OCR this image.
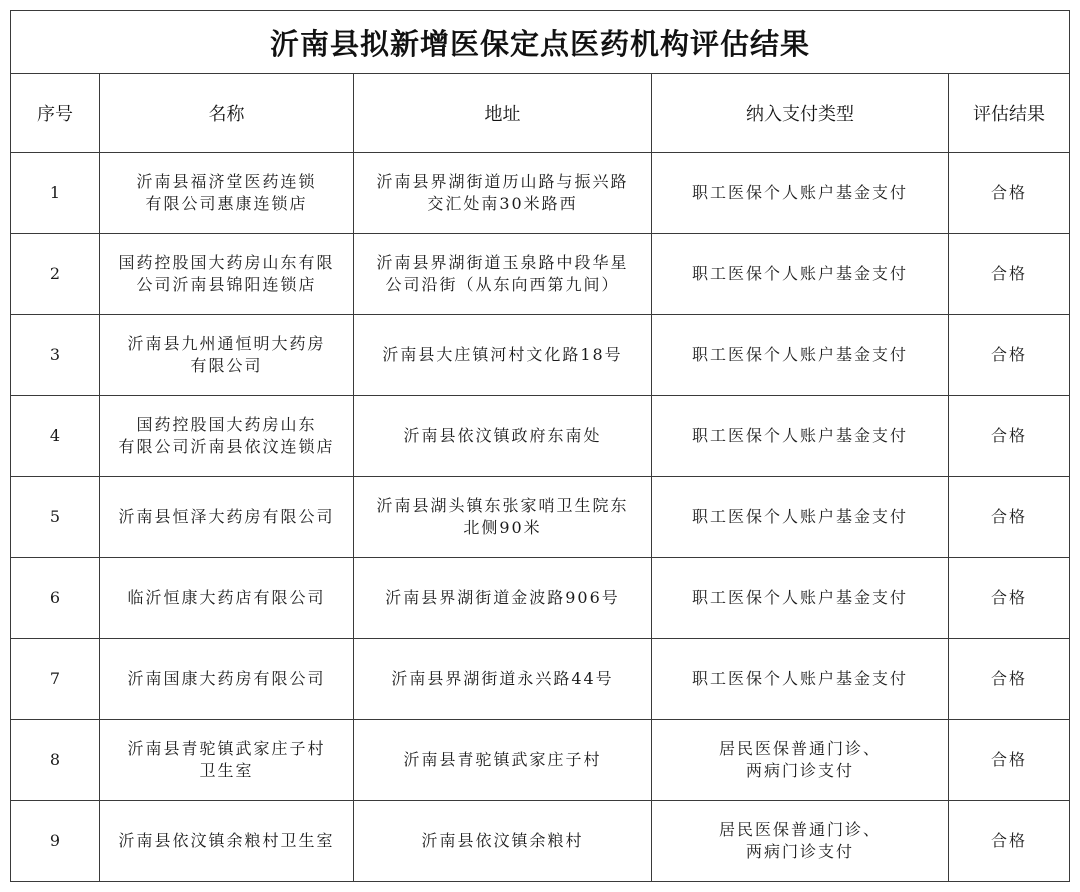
沂南县拟新增医保定点医药机构评估结果				
序号	名称	地址	纳入支付类型	评估结果
1	沂南县福济堂医药连锁
有限公司惠康连锁店	沂南县界湖街道历山路与振兴路
交汇处南30米路西	职工医保个人账户基金支付	合格
2	国药控股国大药房山东有限
公司沂南县锦阳连锁店	沂南县界湖街道玉泉路中段华星
公司沿街（从东向西第九间）	职工医保个人账户基金支付	合格
3	沂南县九州通恒明大药房
有限公司	沂南县大庄镇河村文化路18号	职工医保个人账户基金支付	合格
4	国药控股国大药房山东
有限公司沂南县依汶连锁店	沂南县依汶镇政府东南处	职工医保个人账户基金支付	合格
5	沂南县恒泽大药房有限公司	沂南县湖头镇东张家哨卫生院东
北侧90米	职工医保个人账户基金支付	合格
6	临沂恒康大药店有限公司	沂南县界湖街道金波路906号	职工医保个人账户基金支付	合格
7	沂南国康大药房有限公司	沂南县界湖街道永兴路44号	职工医保个人账户基金支付	合格
8	沂南县青驼镇武家庄子村
卫生室	沂南县青驼镇武家庄子村	居民医保普通门诊、
两病门诊支付	合格
9	沂南县依汶镇余粮村卫生室	沂南县依汶镇余粮村	居民医保普通门诊、
两病门诊支付	合格
